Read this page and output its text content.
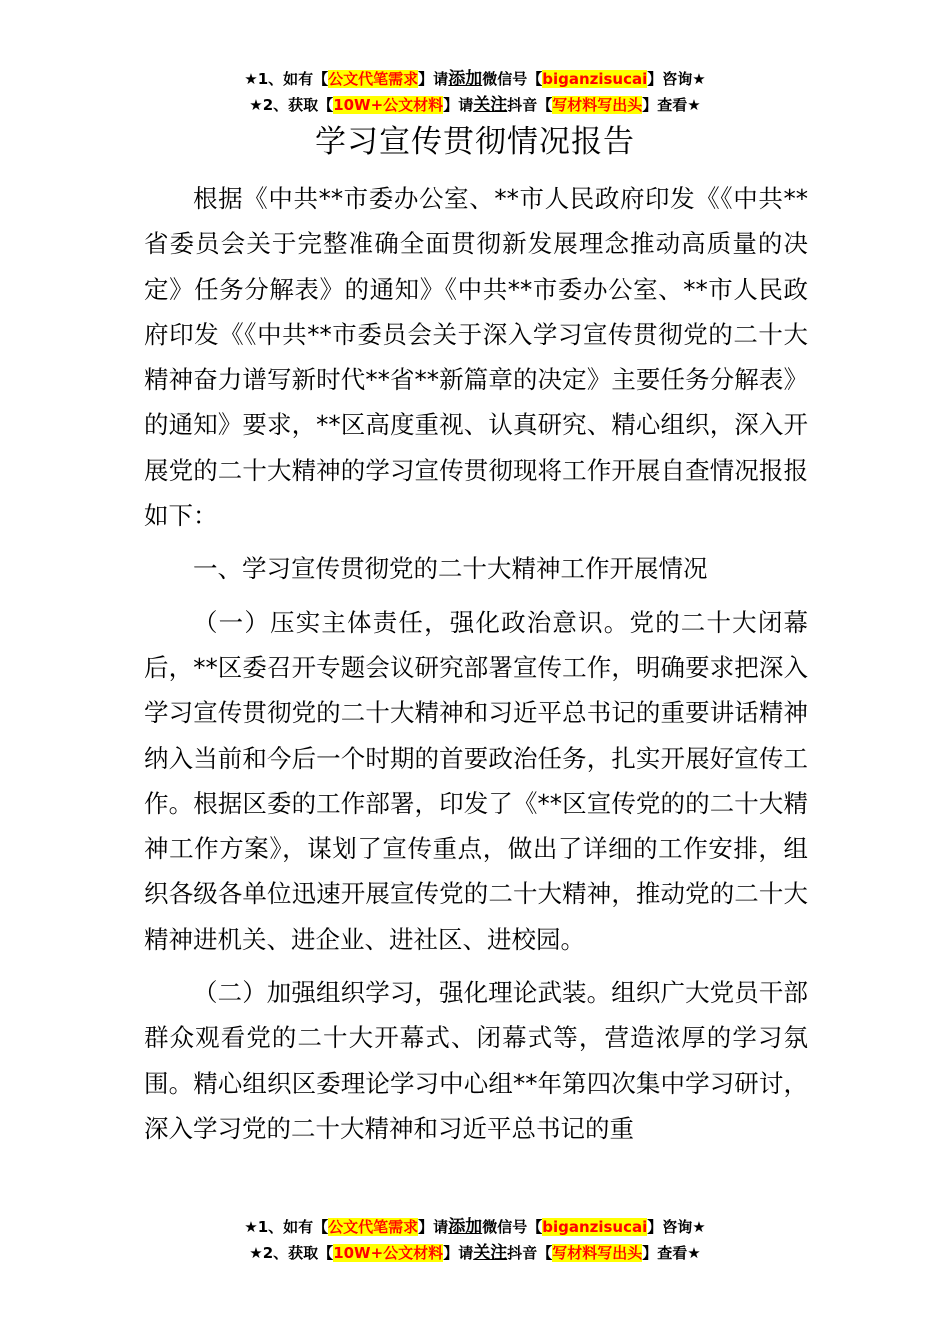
★1、如有【公文代笔需求】请添加微信号【biganzisucai】咨询★
★2、获取【10W+公文材料】请关注抖音【写材料写出头】查看★
学习宣传贯彻情况报告

根据《中共**市委办公室、**市人民政府印发《《中共**省委员会关于完整准确全面贯彻新发展理念推动高质量的决定》任务分解表》的通知》《中共**市委办公室、**市人民政府印发《《中共**市委员会关于深入学习宣传贯彻党的二十大精神奋力谱写新时代**省**新篇章的决定》主要任务分解表》的通知》要求，**区高度重视、认真研究、精心组织，深入开展党的二十大精神的学习宣传贯彻现将工作开展自查情况报报如下：

一、学习宣传贯彻党的二十大精神工作开展情况

（一）压实主体责任，强化政治意识。党的二十大闭幕后，**区委召开专题会议研究部署宣传工作，明确要求把深入学习宣传贯彻党的二十大精神和习近平总书记的重要讲话精神纳入当前和今后一个时期的首要政治任务，扎实开展好宣传工作。根据区委的工作部署，印发了《**区宣传党的的二十大精神工作方案》，谋划了宣传重点，做出了详细的工作安排，组织各级各单位迅速开展宣传党的二十大精神，推动党的二十大精神进机关、进企业、进社区、进校园。

（二）加强组织学习，强化理论武装。组织广大党员干部群众观看党的二十大开幕式、闭幕式等，营造浓厚的学习氛围。精心组织区委理论学习中心组**年第四次集中学习研讨，深入学习党的二十大精神和习近平总书记的重

★1、如有【公文代笔需求】请添加微信号【biganzisucai】咨询★
★2、获取【10W+公文材料】请关注抖音【写材料写出头】查看★
